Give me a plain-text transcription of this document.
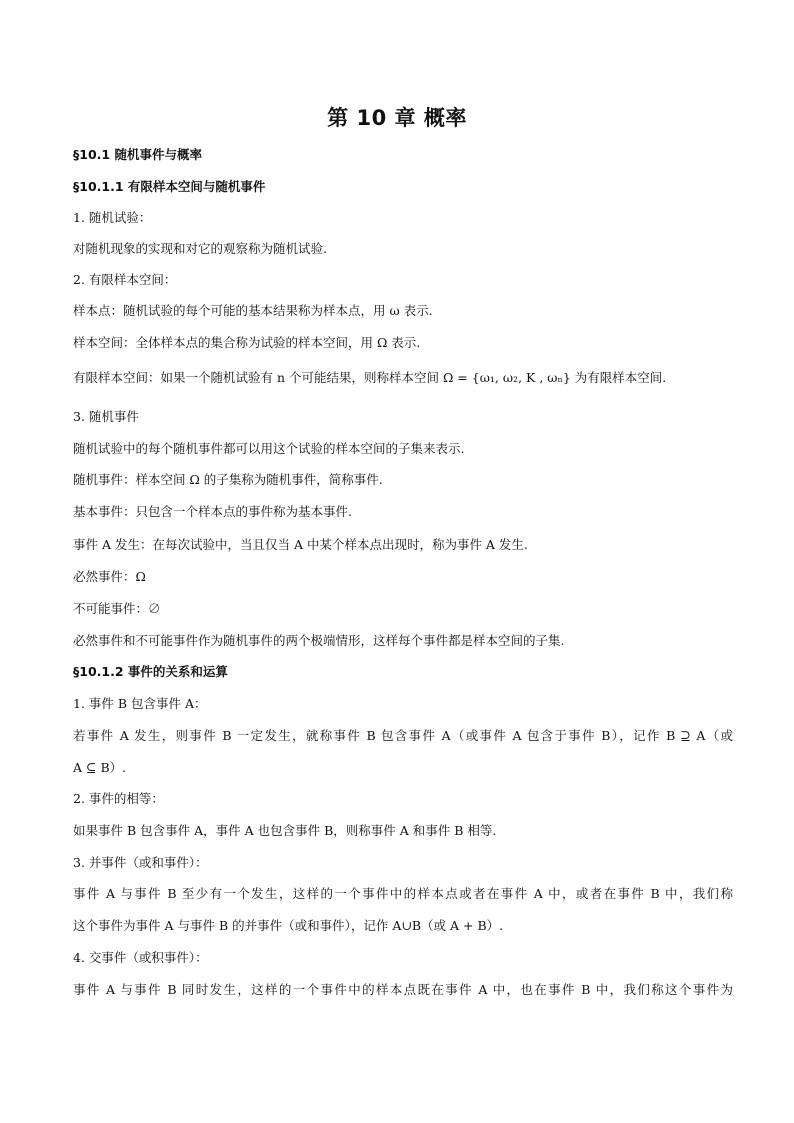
第 10 章 概率
§10.1 随机事件与概率
§10.1.1 有限样本空间与随机事件
1. 随机试验：
对随机现象的实现和对它的观察称为随机试验.
2. 有限样本空间：
样本点：随机试验的每个可能的基本结果称为样本点，用 ω 表示.
样本空间：全体样本点的集合称为试验的样本空间，用 Ω 表示.
有限样本空间：如果一个随机试验有 n 个可能结果，则称样本空间 Ω = {ω₁, ω₂, K , ωₙ} 为有限样本空间.
3. 随机事件
随机试验中的每个随机事件都可以用这个试验的样本空间的子集来表示.
随机事件：样本空间 Ω 的子集称为随机事件，简称事件.
基本事件：只包含一个样本点的事件称为基本事件.
事件 A 发生：在每次试验中，当且仅当 A 中某个样本点出现时，称为事件 A 发生.
必然事件：Ω
不可能事件：∅
必然事件和不可能事件作为随机事件的两个极端情形，这样每个事件都是样本空间的子集.
§10.1.2 事件的关系和运算
1. 事件 B 包含事件 A：
若事件 A 发生，则事件 B 一定发生，就称事件 B 包含事件 A（或事件 A 包含于事件 B），记作 B ⊇ A（或
A ⊆ B）.
2. 事件的相等：
如果事件 B 包含事件 A，事件 A 也包含事件 B，则称事件 A 和事件 B 相等.
3. 并事件（或和事件）：
事件 A 与事件 B 至少有一个发生，这样的一个事件中的样本点或者在事件 A 中，或者在事件 B 中，我们称
这个事件为事件 A 与事件 B 的并事件（或和事件），记作 A∪B（或 A + B）.
4. 交事件（或积事件）：
事件 A 与事件 B 同时发生，这样的一个事件中的样本点既在事件 A 中，也在事件 B 中，我们称这个事件为
